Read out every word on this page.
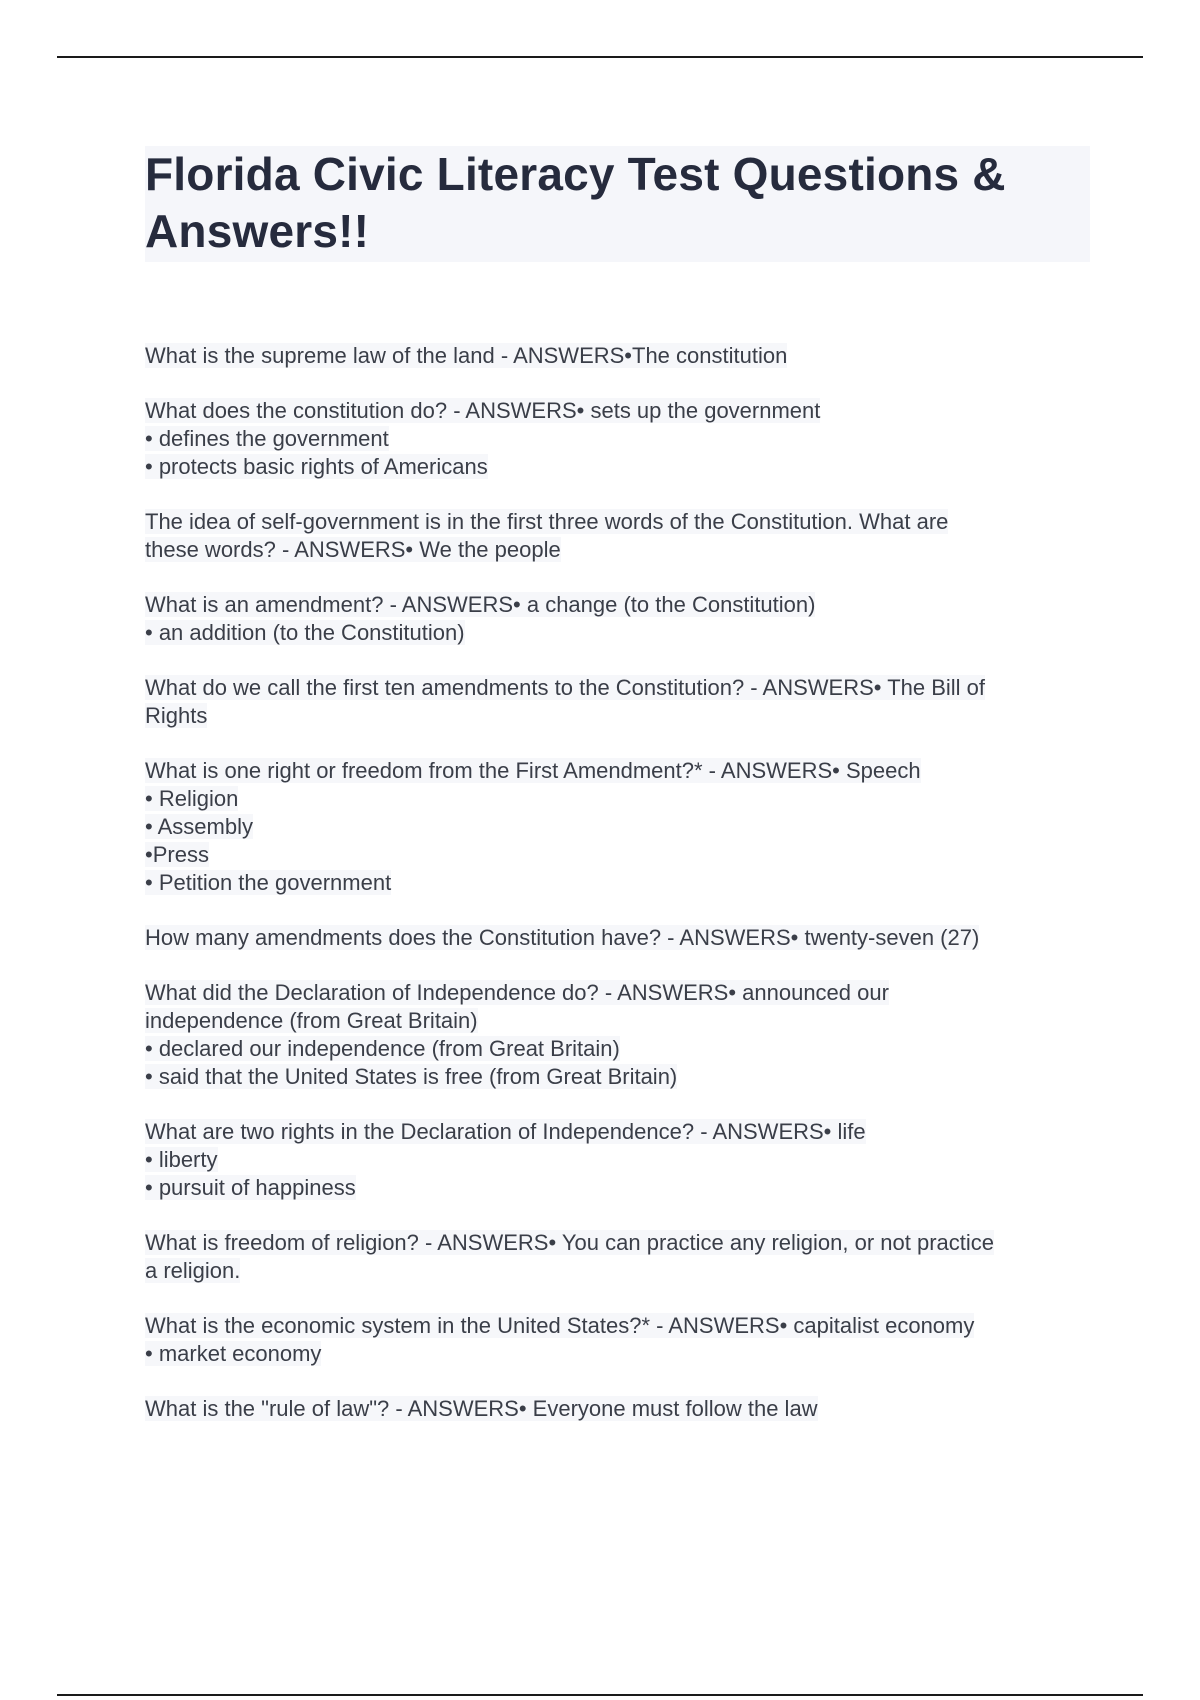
Florida Civic Literacy Test Questions & Answers!!
What is the supreme law of the land - ANSWERS•The constitution
What does the constitution do? - ANSWERS• sets up the government
• defines the government
• protects basic rights of Americans
The idea of self-government is in the first three words of the Constitution. What are
these words? - ANSWERS• We the people
What is an amendment? - ANSWERS• a change (to the Constitution)
• an addition (to the Constitution)
What do we call the first ten amendments to the Constitution? - ANSWERS• The Bill of
Rights
What is one right or freedom from the First Amendment?* - ANSWERS• Speech
• Religion
• Assembly
•Press
• Petition the government
How many amendments does the Constitution have? - ANSWERS• twenty-seven (27)
What did the Declaration of Independence do? - ANSWERS• announced our
independence (from Great Britain)
• declared our independence (from Great Britain)
• said that the United States is free (from Great Britain)
What are two rights in the Declaration of Independence? - ANSWERS• life
• liberty
• pursuit of happiness
What is freedom of religion? - ANSWERS• You can practice any religion, or not practice
a religion.
What is the economic system in the United States?* - ANSWERS• capitalist economy
• market economy
What is the "rule of law"? - ANSWERS• Everyone must follow the law
